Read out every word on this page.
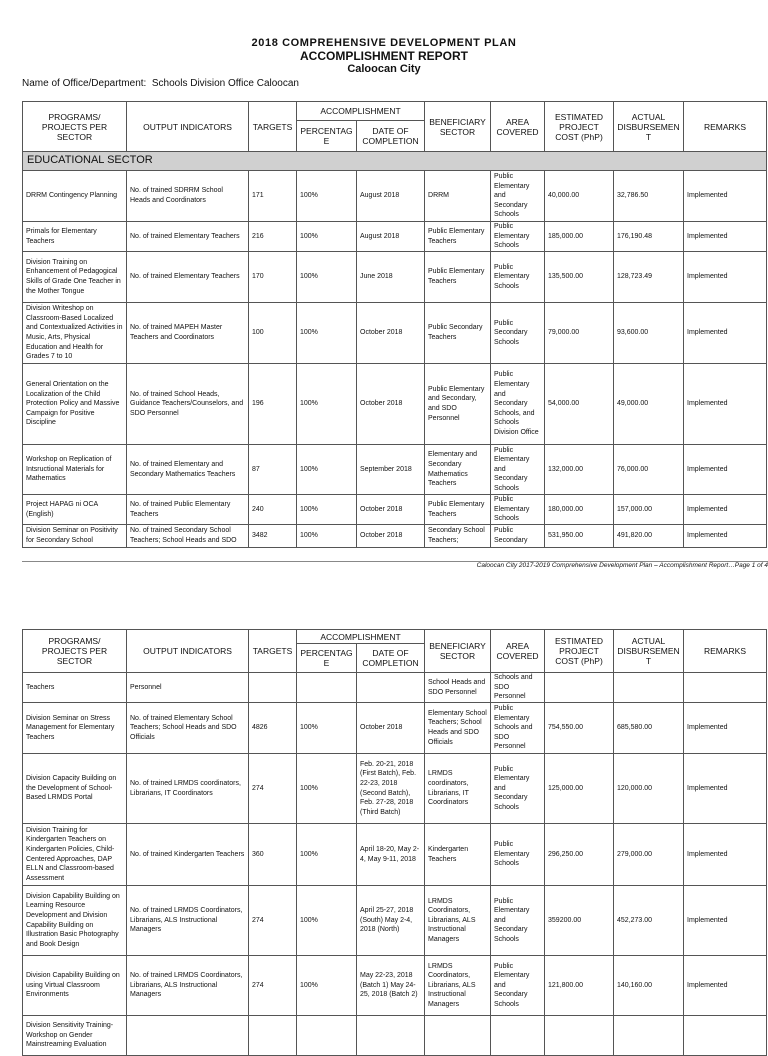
2018 COMPREHENSIVE DEVELOPMENT PLAN
ACCOMPLISHMENT REPORT
Caloocan City
Name of Office/Department: Schools Division Office Caloocan
PROGRAMS/ PROJECTS PER SECTOR	OUTPUT INDICATORS	TARGETS	ACCOMPLISHMENT		BENEFICIARY SECTOR	AREA COVERED	ESTIMATED PROJECT COST (PhP)	ACTUAL DISBURSEMEN T	REMARKS
			PERCENTAG E	DATE OF COMPLETION					
EDUCATIONAL SECTOR									
DRRM Contingency Planning	No. of trained SDRRM School Heads and Coordinators	171	100%	August 2018	DRRM	Public Elementary and Secondary Schools	40,000.00	32,786.50	Implemented
Primals for Elementary Teachers	No. of trained Elementary Teachers	216	100%	August 2018	Public Elementary Teachers	Public Elementary Schools	185,000.00	176,190.48	Implemented
Division Training on Enhancement of Pedagogical Skills of Grade One Teacher in the Mother Tongue	No. of trained Elementary Teachers	170	100%	June 2018	Public Elementary Teachers	Public Elementary Schools	135,500.00	128,723.49	Implemented
Division Writeshop on Classroom-Based Localized and Contextualized Activities in Music, Arts, Physical Education and Health for Grades 7 to 10	No. of trained MAPEH Master Teachers and Coordinators	100	100%	October 2018	Public Secondary Teachers	Public Secondary Schools	79,000.00	93,600.00	Implemented
General Orientation on the Localization of the Child Protection Policy and Massive Campaign for Positive Discipline	No. of trained School Heads, Guidance Teachers/Counselors, and SDO Personnel	196	100%	October 2018	Public Elementary and Secondary, and SDO Personnel	Public Elementary and Secondary Schools, and Schools Division Office	54,000.00	49,000.00	Implemented
Workshop on Replication of Intsructional Materials for Mathematics	No. of trained Elementary and Secondary Mathematics Teachers	87	100%	September 2018	Elementary and Secondary Mathematics Teachers	Public Elementary and Secondary Schools	132,000.00	76,000.00	Implemented
Project HAPAG ni OCA (English)	No. of trained Public Elementary Teachers	240	100%	October 2018	Public Elementary Teachers	Public Elementary Schools	180,000.00	157,000.00	Implemented
Division Seminar on Positivity for Secondary School	No. of trained Secondary School Teachers; School Heads and SDO	3482	100%	October 2018	Secondary School Teachers;	Public Secondary	531,950.00	491,820.00	Implemented
Caloocan City 2017-2019 Comprehensive Development Plan – Accomplishment Report…Page 1 of 4
PROGRAMS/ PROJECTS PER SECTOR	OUTPUT INDICATORS	TARGETS	ACCOMPLISHMENT		BENEFICIARY SECTOR	AREA COVERED	ESTIMATED PROJECT COST (PhP)	ACTUAL DISBURSEMEN T	REMARKS
			PERCENTAG E	DATE OF COMPLETION					
Teachers	Personnel				School Heads and SDO Personnel	Schools and SDO Personnel			
Division Seminar on Stress Management for Elementary Teachers	No. of trained Elementary School Teachers; School Heads and SDO Officials	4826	100%	October 2018	Elementary School Teachers; School Heads and SDO Officials	Public Elementary Schools and SDO Personnel	754,550.00	685,580.00	Implemented
Division Capacity Building on the Development of School-Based LRMDS Portal	No. of trained LRMDS coordinators, Librarians, IT Coordinators	274	100%	Feb. 20-21, 2018 (First Batch), Feb. 22-23, 2018 (Second Batch), Feb. 27-28, 2018 (Third Batch)	LRMDS coordinators, Librarians, IT Coordinators	Public Elementary and Secondary Schools	125,000.00	120,000.00	Implemented
Division Training for Kindergarten Teachers on Kindergarten Policies, Child-Centered Approaches, DAP ELLN and Classroom-based Assessment	No. of trained Kindergarten Teachers	360	100%	April 18-20, May 2-4, May 9-11, 2018	Kindergarten Teachers	Public Elementary Schools	296,250.00	279,000.00	Implemented
Division Capability Building on Learning Resource Development and Division Capability Building on Illustration Basic Photography and Book Design	No. of trained LRMDS Coordinators, Librarians, ALS Instructional Managers	274	100%	April 25-27, 2018 (South) May 2-4, 2018 (North)	LRMDS Coordinators, Librarians, ALS Instructional Managers	Public Elementary and Secondary Schools	359200.00	452,273.00	Implemented
Division Capability Building on using Virtual Classroom Environments	No. of trained LRMDS Coordinators, Librarians, ALS Instructional Managers	274	100%	May 22-23, 2018 (Batch 1) May 24-25, 2018 (Batch 2)	LRMDS Coordinators, Librarians, ALS Instructional Managers	Public Elementary and Secondary Schools	121,800.00	140,160.00	Implemented
Division Sensitivity Training-Workshop on Gender Mainstreaming Evaluation									
